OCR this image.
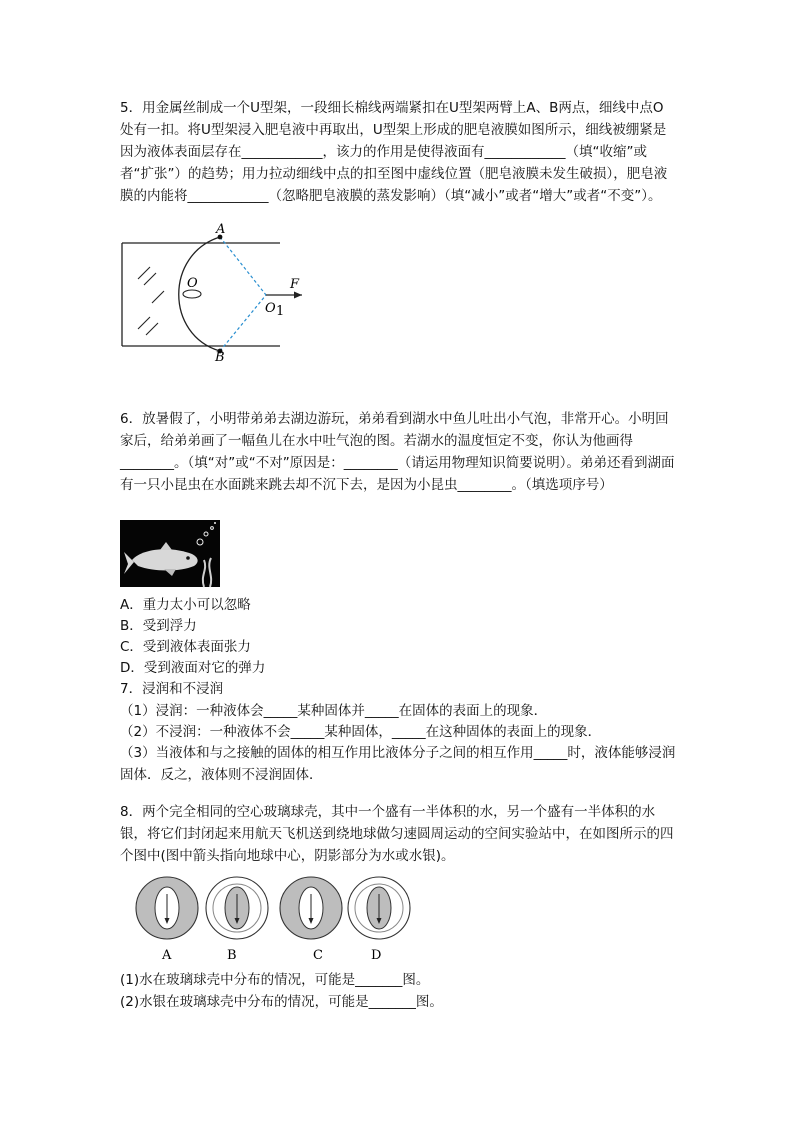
5．用金属丝制成一个U型架，一段细长棉线两端紧扣在U型架两臂上A、B两点，细线中点O处有一扣。将U型架浸入肥皂液中再取出，U型架上形成的肥皂液膜如图所示，细线被绷紧是因为液体表面层存在____________，该力的作用是使得液面有____________（填“收缩”或者“扩张”）的趋势；用力拉动细线中点的扣至图中虚线位置（肥皂液膜未发生破损），肥皂液膜的内能将____________（忽略肥皂液膜的蒸发影响）（填“减小”或者“增大”或者“不变”）。

A
B
O
O 1
F

6．放暑假了，小明带弟弟去湖边游玩，弟弟看到湖水中鱼儿吐出小气泡，非常开心。小明回家后，给弟弟画了一幅鱼儿在水中吐气泡的图。若湖水的温度恒定不变，你认为他画得________。（填“对”或“不对”原因是：________（请运用物理知识简要说明）。弟弟还看到湖面有一只小昆虫在水面跳来跳去却不沉下去，是因为小昆虫________。（填选项序号）

A．重力太小可以忽略
B．受到浮力
C．受到液体表面张力
D．受到液面对它的弹力
7．浸润和不浸润
（1）浸润：一种液体会_____某种固体并_____在固体的表面上的现象．
（2）不浸润：一种液体不会_____某种固体，_____在这种固体的表面上的现象．

（3）当液体和与之接触的固体的相互作用比液体分子之间的相互作用_____时，液体能够浸润固体．反之，液体则不浸润固体．

8．两个完全相同的空心玻璃球壳，其中一个盛有一半体积的水，另一个盛有一半体积的水银，将它们封闭起来用航天飞机送到绕地球做匀速圆周运动的空间实验站中，在如图所示的四个图中(图中箭头指向地球中心，阴影部分为水或水银)。

A	B	C	D
(1)水在玻璃球壳中分布的情况，可能是_______图。
(2)水银在玻璃球壳中分布的情况，可能是_______图。
